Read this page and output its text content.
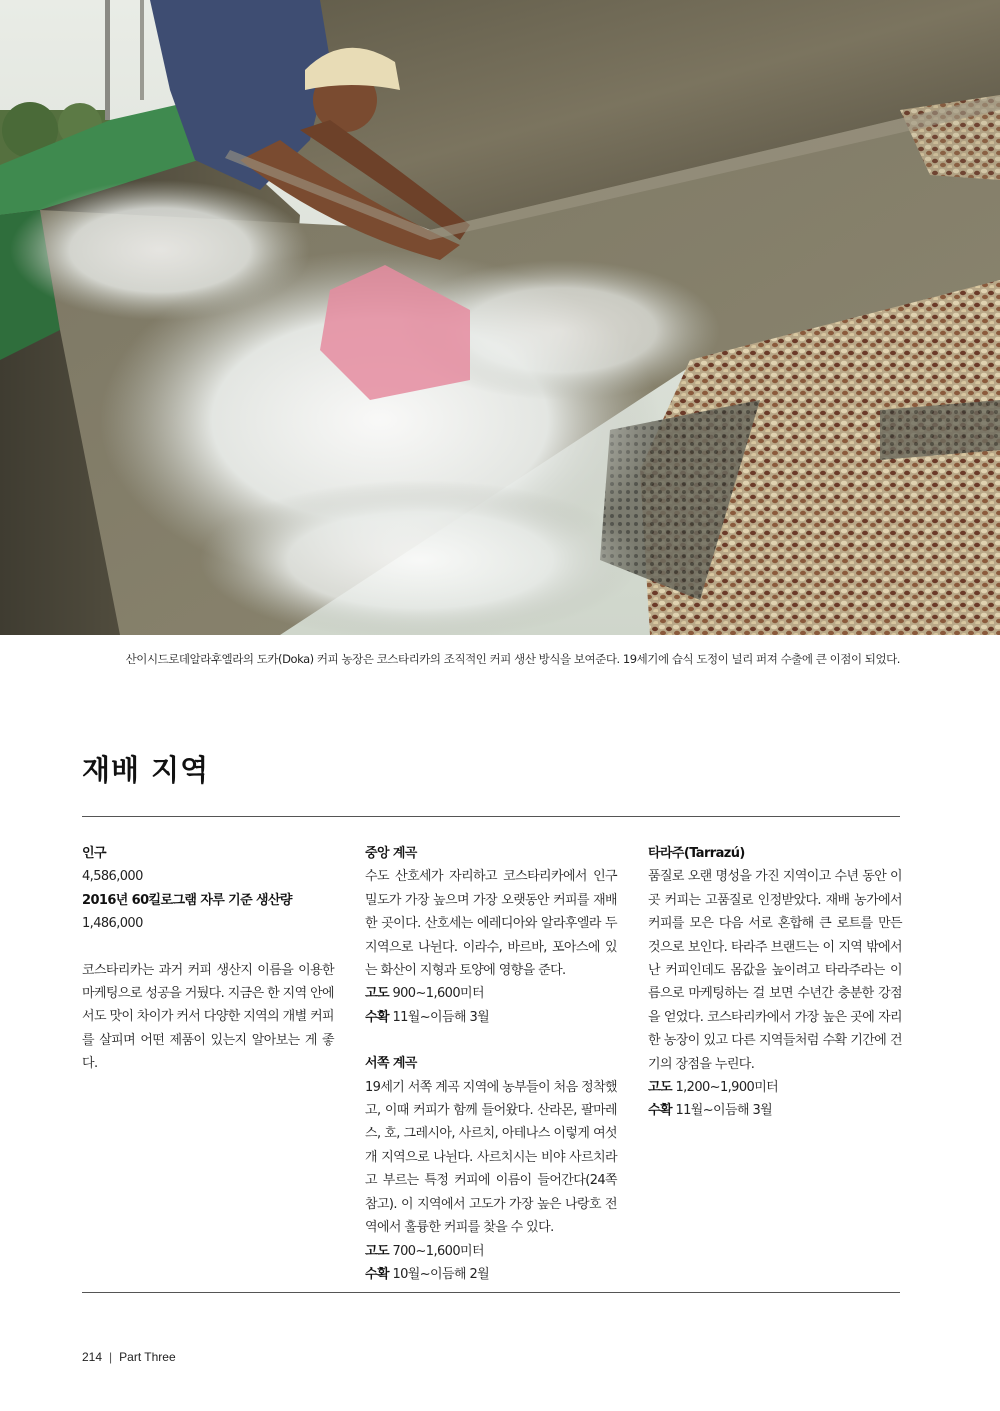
산이시드로데알라후엘라의 도카(Doka) 커피 농장은 코스타리카의 조직적인 커피 생산 방식을 보여준다. 19세기에 습식 도정이 널리 퍼져 수출에 큰 이점이 되었다.
재배 지역

인구

4,586,000

2016년 60킬로그램 자루 기준 생산량

1,486,000

코스타리카는 과거 커피 생산지 이름을 이용한 마케팅으로 성공을 거뒀다. 지금은 한 지역 안에서도 맛이 차이가 커서 다양한 지역의 개별 커피를 살피며 어떤 제품이 있는지 알아보는 게 좋다.

중앙 계곡

수도 산호세가 자리하고 코스타리카에서 인구 밀도가 가장 높으며 가장 오랫동안 커피를 재배한 곳이다. 산호세는 에레디아와 알라후엘라 두 지역으로 나뉜다. 이라수, 바르바, 포아스에 있는 화산이 지형과 토양에 영향을 준다.

고도 900~1,600미터

수확 11월~이듬해 3월

서쪽 계곡

19세기 서쪽 계곡 지역에 농부들이 처음 정착했고, 이때 커피가 함께 들어왔다. 산라몬, 팔마레스, 호, 그레시아, 사르치, 아테나스 이렇게 여섯 개 지역으로 나뉜다. 사르치시는 비야 사르치라고 부르는 특정 커피에 이름이 들어간다(24쪽 참고). 이 지역에서 고도가 가장 높은 나랑호 전역에서 훌륭한 커피를 찾을 수 있다.

고도 700~1,600미터

수확 10월~이듬해 2월

타라주(Tarrazú)

품질로 오랜 명성을 가진 지역이고 수년 동안 이곳 커피는 고품질로 인정받았다. 재배 농가에서 커피를 모은 다음 서로 혼합해 큰 로트를 만든 것으로 보인다. 타라주 브랜드는 이 지역 밖에서 난 커피인데도 몸값을 높이려고 타라주라는 이름으로 마케팅하는 걸 보면 수년간 충분한 강점을 얻었다. 코스타리카에서 가장 높은 곳에 자리한 농장이 있고 다른 지역들처럼 수확 기간에 건기의 장점을 누린다.

고도 1,200~1,900미터

수확 11월~이듬해 3월

214 | Part Three
